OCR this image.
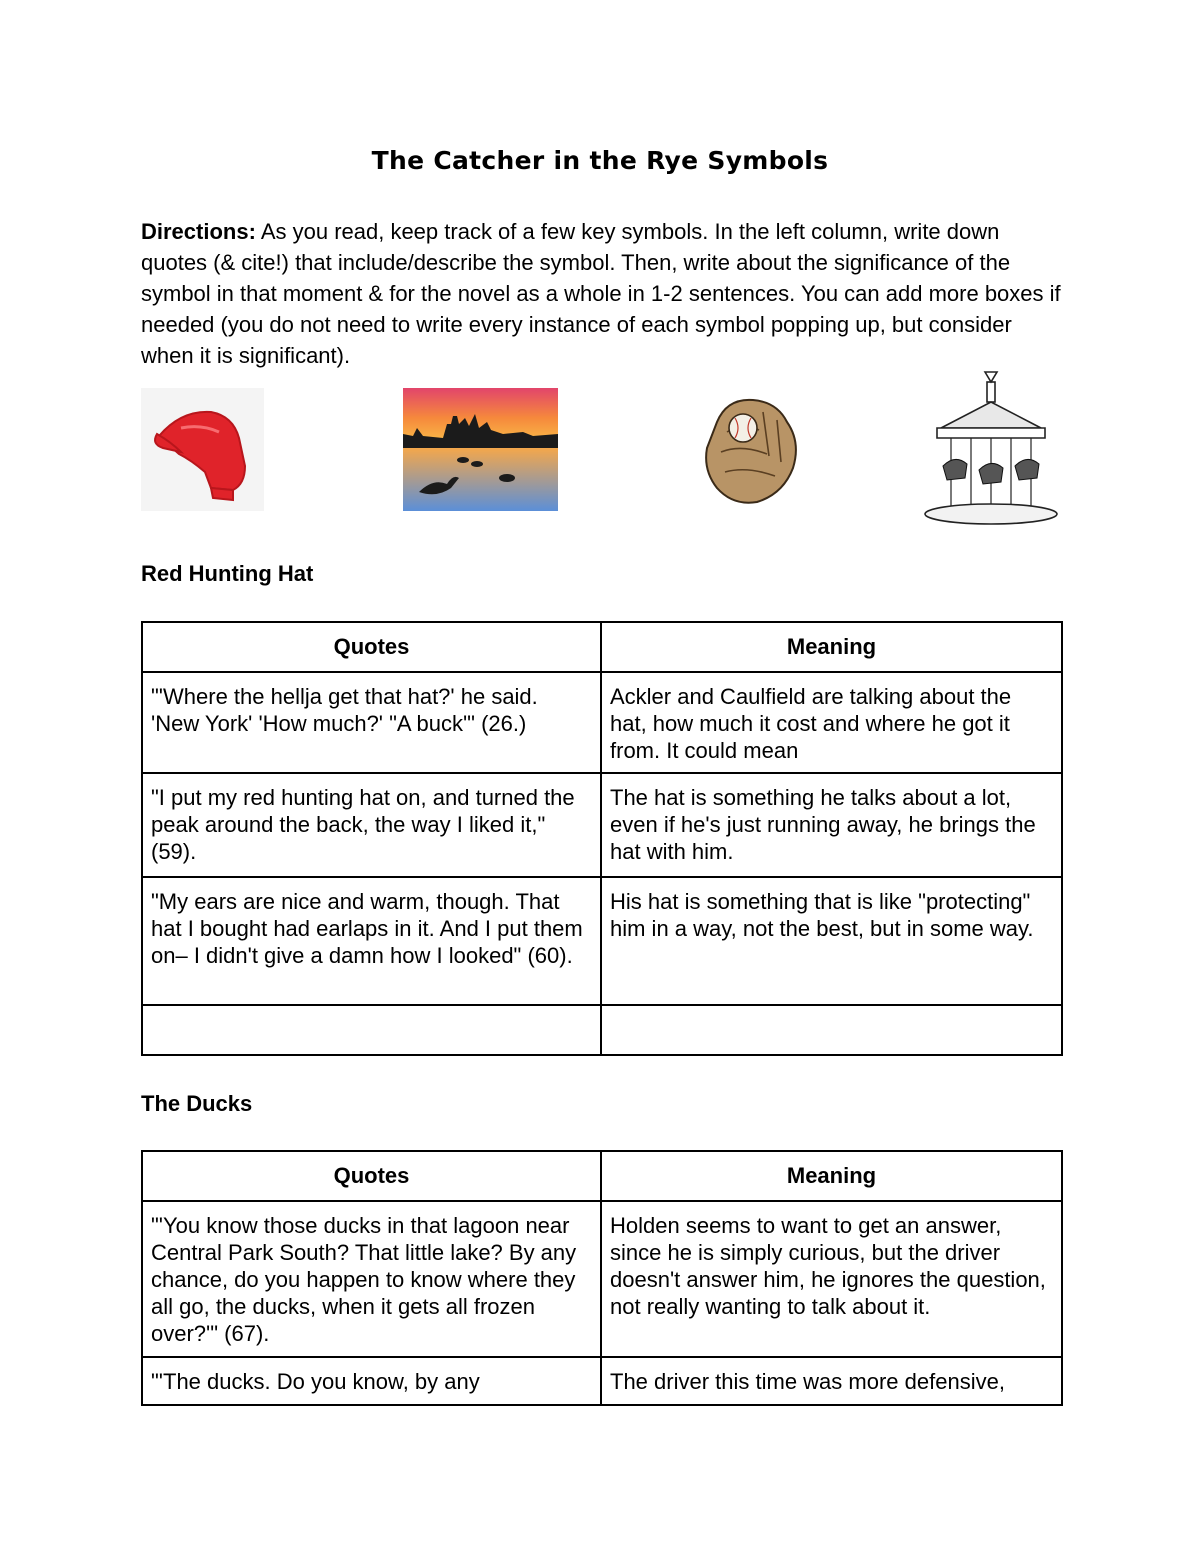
The Catcher in the Rye Symbols
Directions: As you read, keep track of a few key symbols. In the left column, write down quotes (& cite!) that include/describe the symbol. Then, write about the significance of the symbol in that moment & for the novel as a whole in 1-2 sentences. You can add more boxes if needed (you do not need to write every instance of each symbol popping up, but consider when it is significant).
Red Hunting Hat
Quotes	Meaning
"'Where the hellja get that hat?' he said. 'New York' 'How much?' "A buck'" (26.)	Ackler and Caulfield are talking about the hat, how much it cost and where he got it from. It could mean
"I put my red hunting hat on, and turned the peak around the back, the way I liked it," (59).	The hat is something he talks about a lot, even if he's just running away, he brings the hat with him.
"My ears are nice and warm, though. That hat I bought had earlaps in it. And I put them on– I didn't give a damn how I looked" (60).	His hat is something that is like "protecting" him in a way, not the best, but in some way.

The Ducks
Quotes	Meaning
"'You know those ducks in that lagoon near Central Park South? That little lake? By any chance, do you happen to know where they all go, the ducks, when it gets all frozen over?'" (67).	Holden seems to want to get an answer, since he is simply curious, but the driver doesn't answer him, he ignores the question, not really wanting to talk about it.
"'The ducks. Do you know, by any	The driver this time was more defensive,
